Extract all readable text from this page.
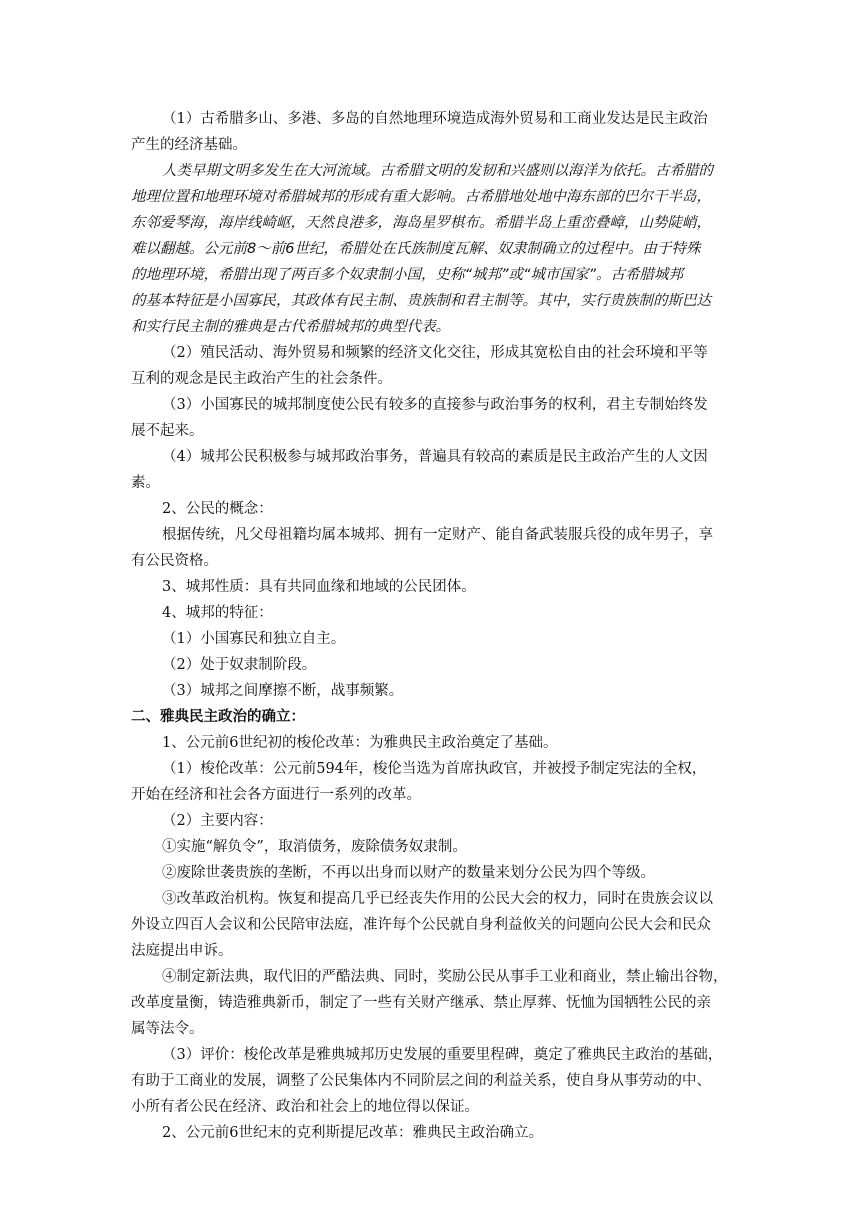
（1）古希腊多山、多港、多岛的自然地理环境造成海外贸易和工商业发达是民主政治
产生的经济基础。
人类早期文明多发生在大河流域。古希腊文明的发韧和兴盛则以海洋为依托。古希腊的
地理位置和地理环境对希腊城邦的形成有重大影响。古希腊地处地中海东部的巴尔干半岛，
东邻爱琴海，海岸线崎岖，天然良港多，海岛星罗棋布。希腊半岛上重峦叠嶂，山势陡峭，
难以翻越。公元前8～前6世纪，希腊处在氏族制度瓦解、奴隶制确立的过程中。由于特殊
的地理环境，希腊出现了两百多个奴隶制小国，史称“城邦”或“城市国家”。古希腊城邦
的基本特征是小国寡民，其政体有民主制、贵族制和君主制等。其中，实行贵族制的斯巴达
和实行民主制的雅典是古代希腊城邦的典型代表。
（2）殖民活动、海外贸易和频繁的经济文化交往，形成其宽松自由的社会环境和平等
互利的观念是民主政治产生的社会条件。
（3）小国寡民的城邦制度使公民有较多的直接参与政治事务的权利，君主专制始终发
展不起来。
（4）城邦公民积极参与城邦政治事务，普遍具有较高的素质是民主政治产生的人文因
素。
2、公民的概念：
根据传统，凡父母祖籍均属本城邦、拥有一定财产、能自备武装服兵役的成年男子，享
有公民资格。
3、城邦性质：具有共同血缘和地域的公民团体。
4、城邦的特征：
（1）小国寡民和独立自主。
（2）处于奴隶制阶段。
（3）城邦之间摩擦不断，战事频繁。
二、雅典民主政治的确立：
1、公元前6世纪初的梭伦改革：为雅典民主政治奠定了基础。
（1）梭伦改革：公元前594年，梭伦当选为首席执政官，并被授予制定宪法的全权，
开始在经济和社会各方面进行一系列的改革。
（2）主要内容：
①实施“解负令”，取消债务，废除债务奴隶制。
②废除世袭贵族的垄断，不再以出身而以财产的数量来划分公民为四个等级。
③改革政治机构。恢复和提高几乎已经丧失作用的公民大会的权力，同时在贵族会议以
外设立四百人会议和公民陪审法庭，准许每个公民就自身利益攸关的问题向公民大会和民众
法庭提出申诉。
④制定新法典，取代旧的严酷法典、同时，奖励公民从事手工业和商业，禁止输出谷物，
改革度量衡，铸造雅典新币，制定了一些有关财产继承、禁止厚葬、怃恤为国牺牲公民的亲
属等法令。
（3）评价：梭伦改革是雅典城邦历史发展的重要里程碑，奠定了雅典民主政治的基础，
有助于工商业的发展，调整了公民集体内不同阶层之间的利益关系，使自身从事劳动的中、
小所有者公民在经济、政治和社会上的地位得以保证。
2、公元前6世纪末的克利斯提尼改革：雅典民主政治确立。
